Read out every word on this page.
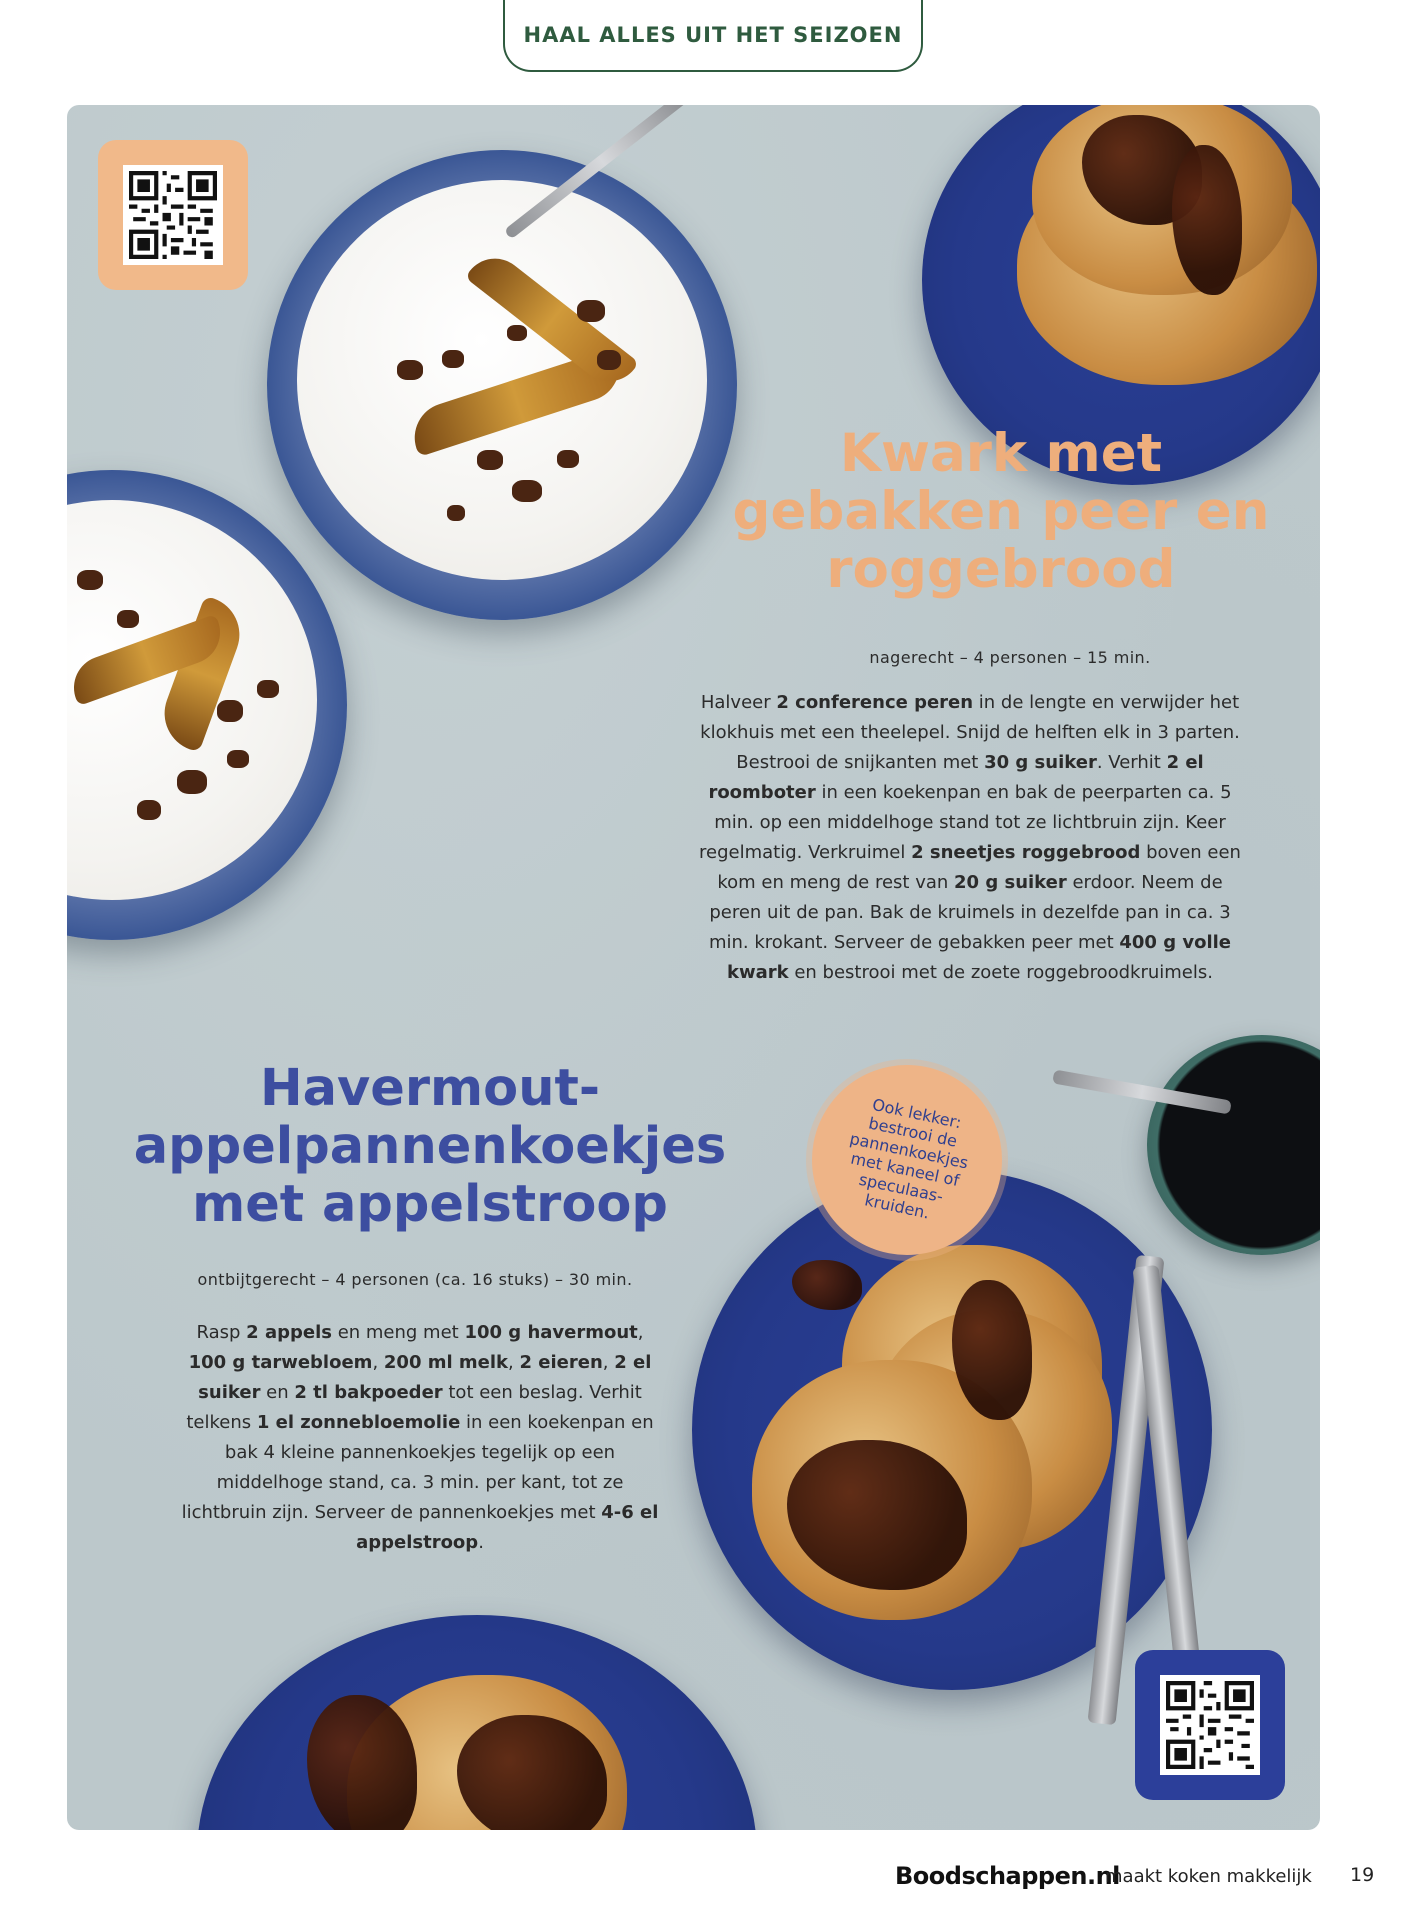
HAAL ALLES UIT HET SEIZOEN
Kwark met gebakken peer en roggebrood
nagerecht – 4 personen – 15 min.
Halveer 2 conference peren in de lengte en verwijder het klokhuis met een theelepel. Snijd de helften elk in 3 parten. Bestrooi de snijkanten met 30 g suiker. Verhit 2 el roomboter in een koekenpan en bak de peerparten ca. 5 min. op een middelhoge stand tot ze lichtbruin zijn. Keer regelmatig. Verkruimel 2 sneetjes roggebrood boven een kom en meng de rest van 20 g suiker erdoor. Neem de peren uit de pan. Bak de kruimels in dezelfde pan in ca. 3 min. krokant. Serveer de gebakken peer met 400 g volle kwark en bestrooi met de zoete roggebroodkruimels.
Havermout-appelpannenkoekjes met appelstroop
ontbijtgerecht – 4 personen (ca. 16 stuks) – 30 min.
Rasp 2 appels en meng met 100 g havermout, 100 g tarwebloem, 200 ml melk, 2 eieren, 2 el suiker en 2 tl bakpoeder tot een beslag. Verhit telkens 1 el zonnebloemolie in een koekenpan en bak 4 kleine pannenkoekjes tegelijk op een middelhoge stand, ca. 3 min. per kant, tot ze lichtbruin zijn. Serveer de pannenkoekjes met 4-6 el appelstroop.
Ook lekker:
bestrooi de
pannenkoekjes
met kaneel of
speculaas-
kruiden.
Boodschappen.nl
maakt koken makkelijk 19
